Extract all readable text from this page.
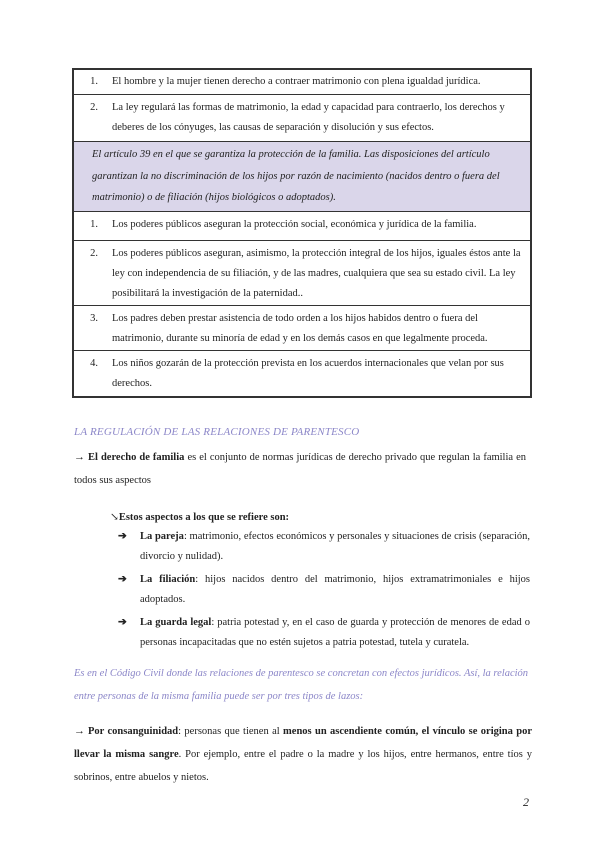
1.	El hombre y la mujer tienen derecho a contraer matrimonio con plena igualdad jurídica.
2.	La ley regulará las formas de matrimonio, la edad y capacidad para contraerlo, los derechos y deberes de los cónyuges, las causas de separación y disolución y sus efectos.
El artículo 39 en el que se garantiza la protección de la familia. Las disposiciones del artículo garantizan la no discriminación de los hijos por razón de nacimiento (nacidos dentro o fuera del matrimonio) o de filiación (hijos biológicos o adoptados).
1.	Los poderes públicos aseguran la protección social, económica y jurídica de la familia.
2.	Los poderes públicos aseguran, asimismo, la protección integral de los hijos, iguales éstos ante la ley con independencia de su filiación, y de las madres, cualquiera que sea su estado civil. La ley posibilitará la investigación de la paternidad..
3.	Los padres deben prestar asistencia de todo orden a los hijos habidos dentro o fuera del matrimonio, durante su minoría de edad y en los demás casos en que legalmente proceda.
4.	Los niños gozarán de la protección prevista en los acuerdos internacionales que velan por sus derechos.
LA REGULACIÓN DE LAS RELACIONES DE PARENTESCO
→ El derecho de familia es el conjunto de normas jurídicas de derecho privado que regulan la familia en todos sus aspectos
↘Estos aspectos a los que se refiere son:
➔	La pareja: matrimonio, efectos económicos y personales y situaciones de crisis (separación, divorcio y nulidad).
➔	La filiación: hijos nacidos dentro del matrimonio, hijos extramatrimoniales e hijos adoptados.
➔	La guarda legal: patria potestad y, en el caso de guarda y protección de menores de edad o personas incapacitadas que no estén sujetos a patria potestad, tutela y curatela.
Es en el Código Civil donde las relaciones de parentesco se concretan con efectos jurídicos. Así, la relación entre personas de la misma familia puede ser por tres tipos de lazos:
→ Por consanguinidad: personas que tienen al menos un ascendiente común, el vínculo se origina por llevar la misma sangre. Por ejemplo, entre el padre o la madre y los hijos, entre hermanos, entre tíos y sobrinos, entre abuelos y nietos.
2
